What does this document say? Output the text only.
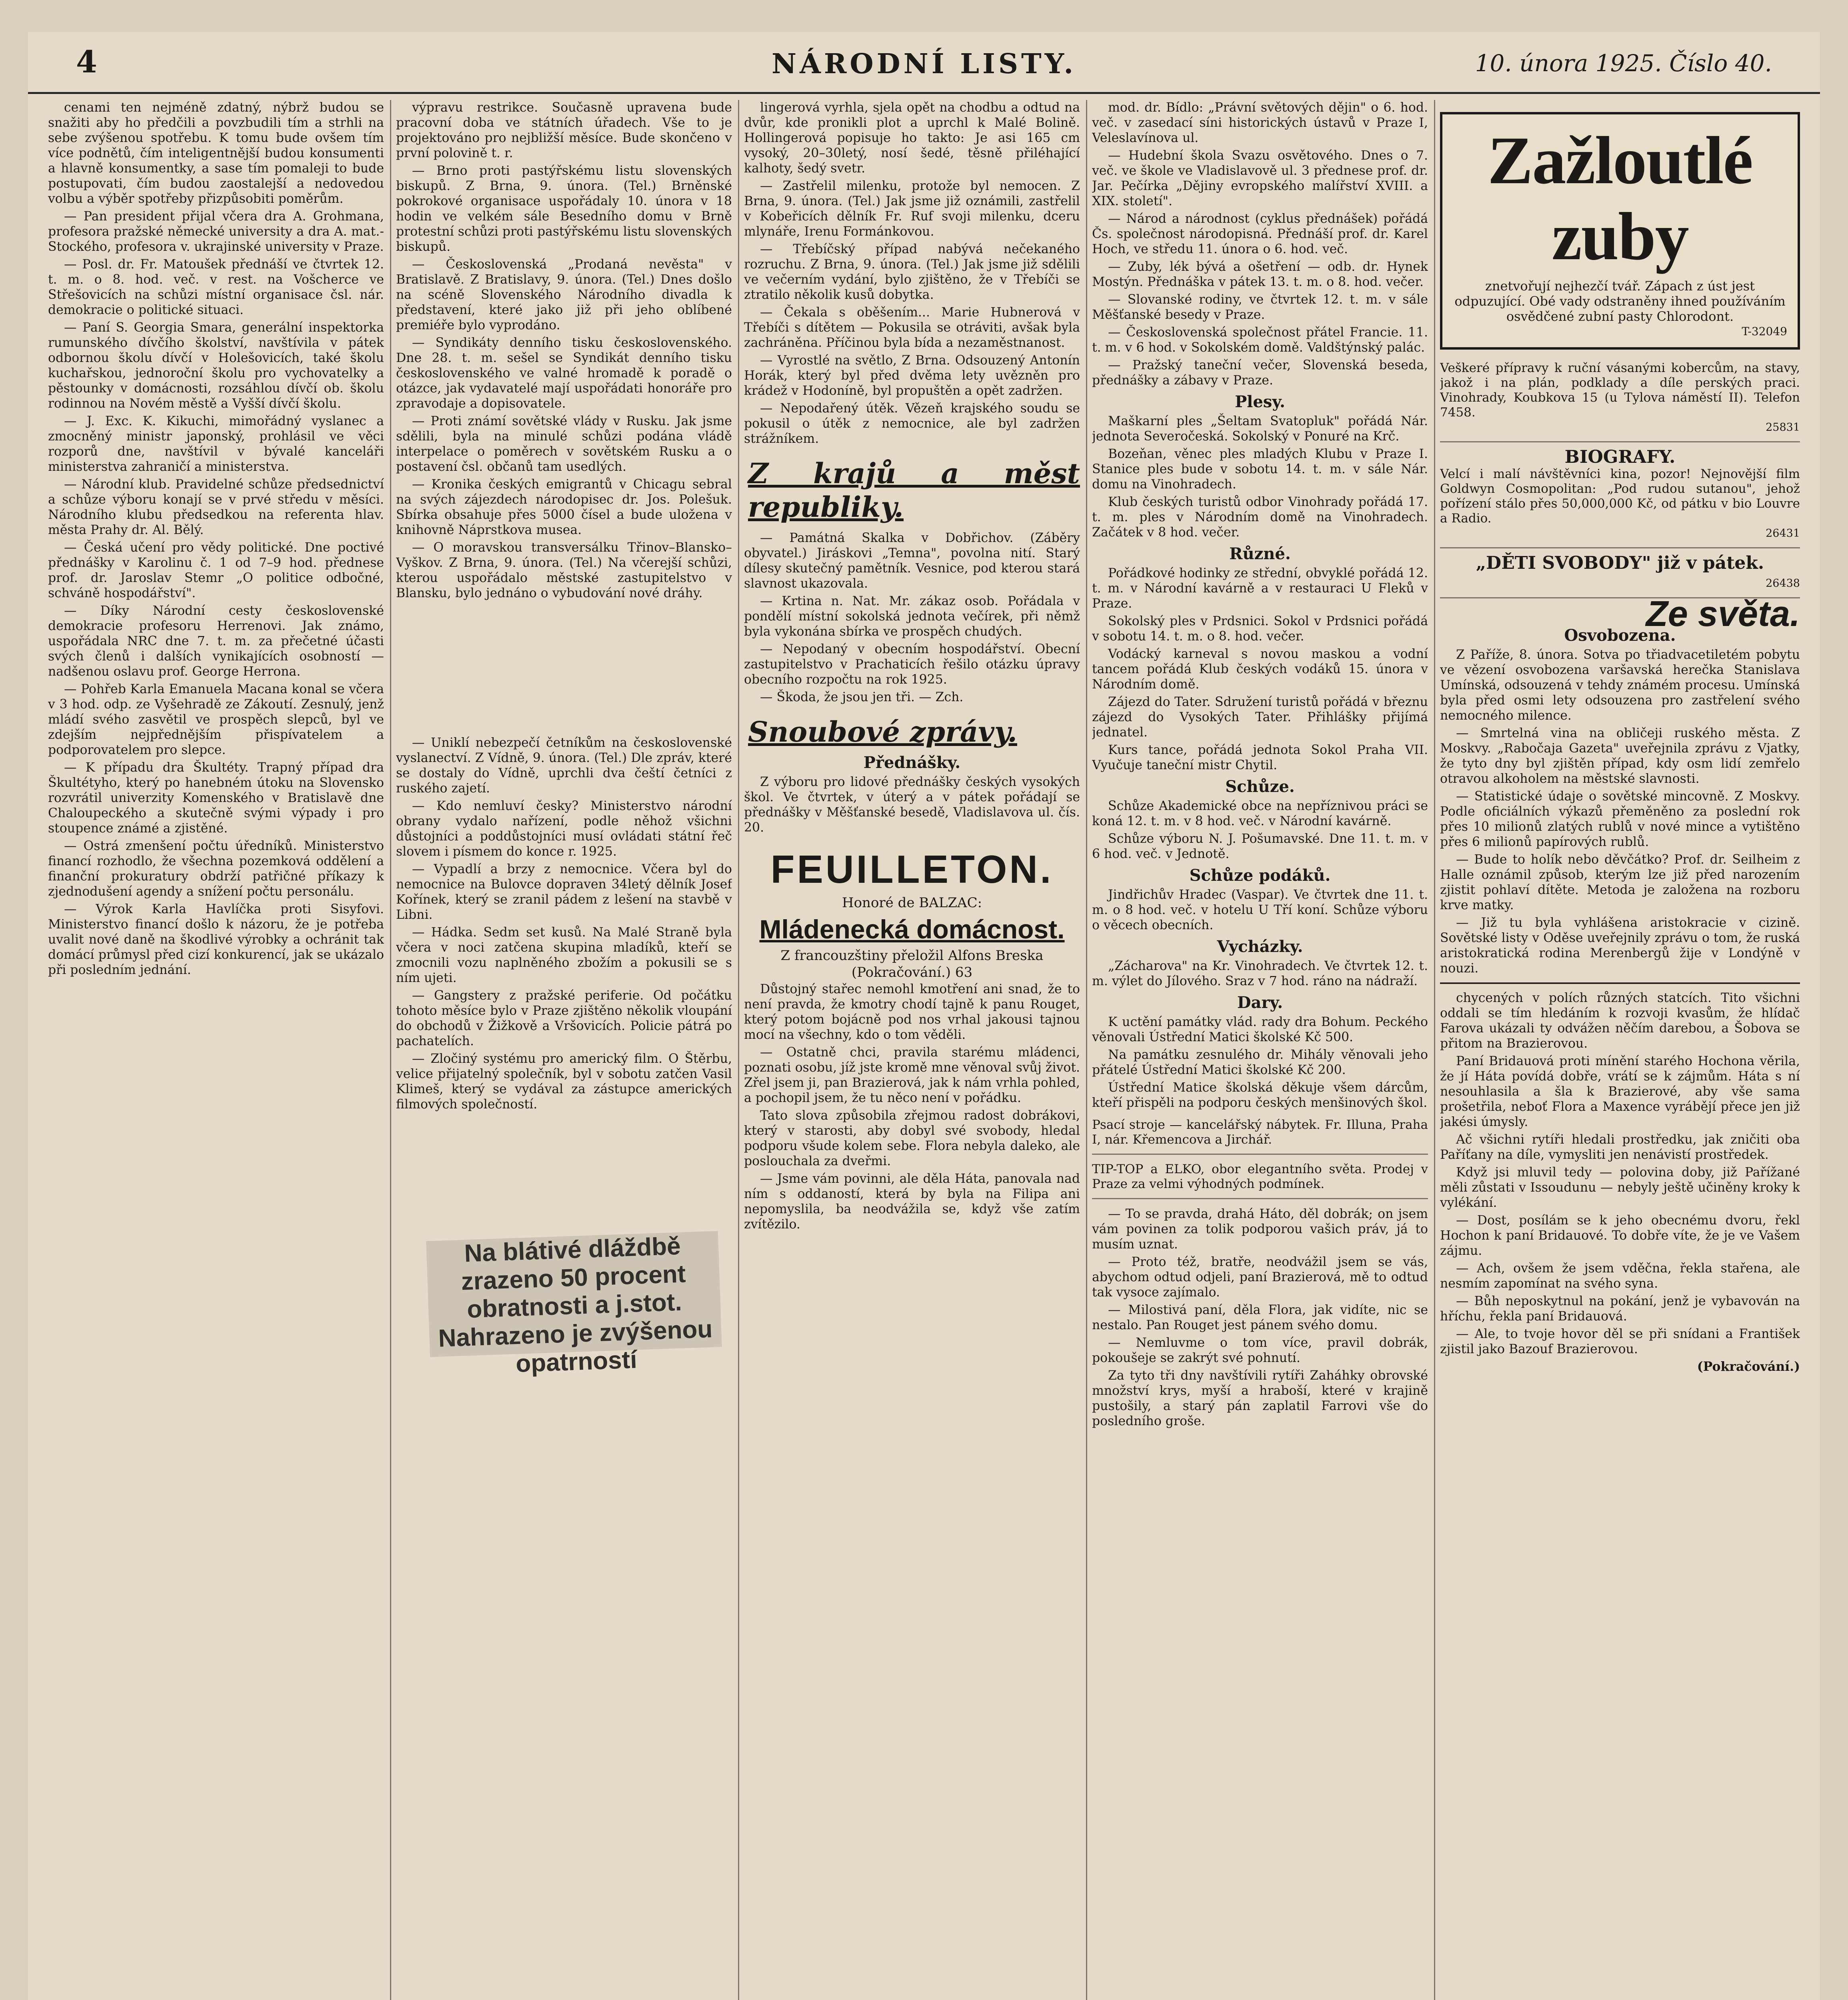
4	NÁRODNÍ LISTY.	10. února 1925. Číslo 40.

cenami ten nejméně zdatný, nýbrž budou se snažiti aby ho předčili a povzbudili tím a strhli na sebe zvýšenou spotřebu. K tomu bude ovšem tím více podnětů, čím inteligentnější budou konsumenti a hlavně konsumentky, a sase tím pomaleji to bude postupovati, čím budou zaostalejší a nedovedou volbu a výběr spotřeby přizpůsobiti poměrům.

— Pan president přijal včera dra A. Grohmana, profesora pražské německé university a dra A. mat.-Stockého, profesora v. ukrajinské university v Praze.

— Posl. dr. Fr. Matoušek přednáší ve čtvrtek 12. t. m. o 8. hod. več. v rest. na Vošcherce ve Střešovicích na schůzi místní organisace čsl. nár. demokracie o politické situaci.

— Paní S. Georgia Smara, generální inspektorka rumunského dívčího školství, navštívila v pátek odbornou školu dívčí v Holešovicích, také školu kuchařskou, jednoroční školu pro vychovatelky a pěstounky v domácnosti, rozsáhlou dívčí ob. školu rodinnou na Novém městě a Vyšší dívčí školu.

— J. Exc. K. Kikuchi, mimořádný vyslanec a zmocněný ministr japonský, prohlásil ve věci rozporů dne, navštívil v bývalé kanceláři ministerstva zahraničí a ministerstva.

— Národní klub. Pravidelné schůze předsednictví a schůze výboru konají se v prvé středu v měsíci. Národního klubu předsedkou na referenta hlav. města Prahy dr. Al. Bělý.

— Česká učení pro vědy politické. Dne poctivé přednášky v Karolinu č. 1 od 7–9 hod. přednese prof. dr. Jaroslav Stemr „O politice odbočné, schváně hospodářství".

— Díky Národní cesty československé demokracie profesoru Herrenovi. Jak známo, uspořádala NRC dne 7. t. m. za přečetné účasti svých členů i dalších vynikajících osobností — nadšenou oslavu prof. George Herrona.

— Pohřeb Karla Emanuela Macana konal se včera v 3 hod. odp. ze Vyšehradě ze Zákoutí. Zesnulý, jenž mládí svého zasvětil ve prospěch slepců, byl ve zdejším nejpřednějším přispívatelem a podporovatelem pro slepce.

— K případu dra Škultéty. Trapný případ dra Škultétyho, který po hanebném útoku na Slovensko rozvrátil univerzity Komenského v Bratislavě dne Chaloupeckého a skutečně svými výpady i pro stoupence známé a zjistěné.

— Ostrá zmenšení počtu úředníků. Ministerstvo financí rozhodlo, že všechna pozemková oddělení a finanční prokuratury obdrží patřičné příkazy k zjednodušení agendy a snížení počtu personálu.

— Výrok Karla Havlíčka proti Sisyfovi. Ministerstvo financí došlo k názoru, že je potřeba uvalit nové daně na škodlivé výrobky a ochránit tak domácí průmysl před cizí konkurencí, jak se ukázalo při posledním jednání.

výpravu restrikce. Současně upravena bude pracovní doba ve státních úřadech. Vše to je projektováno pro nejbližší měsíce. Bude skončeno v první polovině t. r.

— Brno proti pastýřskému listu slovenských biskupů. Z Brna, 9. února. (Tel.) Brněnské pokrokové organisace uspořádaly 10. února v 18 hodin ve velkém sále Besedního domu v Brně protestní schůzi proti pastýřskému listu slovenských biskupů.

— Československá „Prodaná nevěsta" v Bratislavě. Z Bratislavy, 9. února. (Tel.) Dnes došlo na scéně Slovenského Národního divadla k představení, které jako již při jeho oblíbené premiéře bylo vyprodáno.

— Syndikáty denního tisku československého. Dne 28. t. m. sešel se Syndikát denního tisku československého ve valné hromadě k poradě o otázce, jak vydavatelé mají uspořádati honoráře pro zpravodaje a dopisovatele.

— Proti známí sovětské vlády v Rusku. Jak jsme sdělili, byla na minulé schůzi podána vládě interpelace o poměrech v sovětském Rusku a o postavení čsl. občanů tam usedlých.

— Kronika českých emigrantů v Chicagu sebral na svých zájezdech národopisec dr. Jos. Polešuk. Sbírka obsahuje přes 5000 čísel a bude uložena v knihovně Náprstkova musea.

— O moravskou transversálku Třinov–Blansko–Vyškov. Z Brna, 9. února. (Tel.) Na včerejší schůzi, kterou uspořádalo městské zastupitelstvo v Blansku, bylo jednáno o vybudování nové dráhy.

— Uniklí nebezpečí četníkům na československé vyslanectví. Z Vídně, 9. února. (Tel.) Dle zpráv, které se dostaly do Vídně, uprchli dva čeští četníci z ruského zajetí.

— Kdo nemluví česky? Ministerstvo národní obrany vydalo nařízení, podle něhož všichni důstojníci a poddůstojníci musí ovládati státní řeč slovem i písmem do konce r. 1925.

— Vypadlí a brzy z nemocnice. Včera byl do nemocnice na Bulovce dopraven 34letý dělník Josef Kořínek, který se zranil pádem z lešení na stavbě v Libni.

— Hádka. Sedm set kusů. Na Malé Straně byla včera v noci zatčena skupina mladíků, kteří se zmocnili vozu naplněného zbožím a pokusili se s ním ujeti.

— Gangstery z pražské periferie. Od počátku tohoto měsíce bylo v Praze zjištěno několik vloupání do obchodů v Žižkově a Vršovicích. Policie pátrá po pachatelích.

— Zločiný systému pro americký film. O Štěrbu, velice přijatelný společník, byl v sobotu zatčen Vasil Klimeš, který se vydával za zástupce amerických filmových společností.

Na blátivé dláždbě zrazeno 50 procent obratnosti a j.stot. Nahrazeno je zvýšenou opatrností

lingerová vyrhla, sjela opět na chodbu a odtud na dvůr, kde pronikli plot a uprchl k Malé Bolině. Hollingerová popisuje ho takto: Je asi 165 cm vysoký, 20–30letý, nosí šedé, těsně přiléhající kalhoty, šedý svetr.

— Zastřelil milenku, protože byl nemocen. Z Brna, 9. února. (Tel.) Jak jsme již oznámili, zastřelil v Kobeřicích dělník Fr. Ruf svoji milenku, dceru mlynáře, Irenu Formánkovou.

— Třebíčský případ nabývá nečekaného rozruchu. Z Brna, 9. února. (Tel.) Jak jsme již sdělili ve večerním vydání, bylo zjištěno, že v Třebíči se ztratilo několik kusů dobytka.

— Čekala s oběšením... Marie Hubnerová v Třebíči s dítětem — Pokusila se otráviti, avšak byla zachráněna. Příčinou byla bída a nezaměstnanost.

— Vyrostlé na světlo, Z Brna. Odsouzený Antonín Horák, který byl před dvěma lety uvězněn pro krádež v Hodoníně, byl propuštěn a opět zadržen.

— Nepodařený útěk. Vězeň krajského soudu se pokusil o útěk z nemocnice, ale byl zadržen strážníkem.

Z krajů a měst republiky.

— Památná Skalka v Dobřichov. (Záběry obyvatel.) Jiráskovi „Temna", povolna nití. Starý dílesy skutečný pamětník. Vesnice, pod kterou stará slavnost ukazovala.

— Krtina n. Nat. Mr. zákaz osob. Pořádala v pondělí místní sokolská jednota večírek, při němž byla vykonána sbírka ve prospěch chudých.

— Nepodaný v obecním hospodářství. Obecní zastupitelstvo v Prachaticích řešilo otázku úpravy obecního rozpočtu na rok 1925.

— Škoda, že jsou jen tři. — Zch.

Snoubové zprávy.
Přednášky.

Z výboru pro lidové přednášky českých vysokých škol. Ve čtvrtek, v úterý a v pátek pořádají se přednášky v Měšťanské besedě, Vladislavova ul. čís. 20.

FEUILLETON.
Honoré de BALZAC:
Mládenecká domácnost.
Z francouzštiny přeložil Alfons Breska
(Pokračování.) 63

Důstojný stařec nemohl kmotření ani snad, že to není pravda, že kmotry chodí tajně k panu Rouget, který potom bojácně pod nos vrhal jakousi tajnou mocí na všechny, kdo o tom věděli.

— Ostatně chci, pravila starému mládenci, poznati osobu, jíž jste kromě mne věnoval svůj život. Zřel jsem ji, pan Brazierová, jak k nám vrhla pohled, a pochopil jsem, že tu něco není v pořádku.

Tato slova způsobila zřejmou radost dobrákovi, který v starosti, aby dobyl své svobody, hledal podporu všude kolem sebe. Flora nebyla daleko, ale poslouchala za dveřmi.

— Jsme vám povinni, ale děla Háta, panovala nad ním s oddaností, která by byla na Filipa ani nepomyslila, ba neodvážila se, když vše zatím zvítězilo.

mod. dr. Bídlo: „Právní světových dějin" o 6. hod. več. v zasedací síni historických ústavů v Praze I, Veleslavínova ul.

— Hudební škola Svazu osvětového. Dnes o 7. več. ve škole ve Vladislavově ul. 3 přednese prof. dr. Jar. Pečírka „Dějiny evropského malířství XVIII. a XIX. století".

— Národ a národnost (cyklus přednášek) pořádá Čs. společnost národopisná. Přednáší prof. dr. Karel Hoch, ve středu 11. února o 6. hod. več.

— Zuby, lék bývá a ošetření — odb. dr. Hynek Mostýn. Přednáška v pátek 13. t. m. o 8. hod. večer.

— Slovanské rodiny, ve čtvrtek 12. t. m. v sále Měšťanské besedy v Praze.

— Československá společnost přátel Francie. 11. t. m. v 6 hod. v Sokolském domě. Valdštýnský palác.

— Pražský taneční večer, Slovenská beseda, přednášky a zábavy v Praze.

Plesy.

Maškarní ples „Šeltam Svatopluk" pořádá Nár. jednota Severočeská. Sokolský v Ponuré na Krč.

Bozeňan, věnec ples mladých Klubu v Praze I. Stanice ples bude v sobotu 14. t. m. v sále Nár. domu na Vinohradech.

Klub českých turistů odbor Vinohrady pořádá 17. t. m. ples v Národním domě na Vinohradech. Začátek v 8 hod. večer.

Různé.

Pořádkové hodinky ze střední, obvyklé pořádá 12. t. m. v Národní kavárně a v restauraci U Fleků v Praze.

Sokolský ples v Prdsnici. Sokol v Prdsnici pořádá v sobotu 14. t. m. o 8. hod. večer.

Vodácký karneval s novou maskou a vodní tancem pořádá Klub českých vodáků 15. února v Národním domě.

Zájezd do Tater. Sdružení turistů pořádá v březnu zájezd do Vysokých Tater. Přihlášky přijímá jednatel.

Kurs tance, pořádá jednota Sokol Praha VII. Vyučuje taneční mistr Chytil.

Schůze.

Schůze Akademické obce na nepříznivou práci se koná 12. t. m. v 8 hod. več. v Národní kavárně.

Schůze výboru N. J. Pošumavské. Dne 11. t. m. v 6 hod. več. v Jednotě.

Schůze podáků.

Jindřichův Hradec (Vaspar). Ve čtvrtek dne 11. t. m. o 8 hod. več. v hotelu U Tří koní. Schůze výboru o věcech obecních.

Vycházky.

„Zácharova" na Kr. Vinohradech. Ve čtvrtek 12. t. m. výlet do Jílového. Sraz v 7 hod. ráno na nádraží.

Dary.

K uctění památky vlád. rady dra Bohum. Peckého věnovali Ústřední Matici školské Kč 500.

Na památku zesnulého dr. Mihály věnovali jeho přátelé Ústřední Matici školské Kč 200.

Ústřední Matice školská děkuje všem dárcům, kteří přispěli na podporu českých menšinových škol.

Psací stroje — kancelářský nábytek. Fr. Illuna, Praha I, nár. Křemencova a Jirchář.
TIP-TOP a ELKO, obor elegantního světa. Prodej v Praze za velmi výhodných podmínek.

— To se pravda, drahá Háto, děl dobrák; on jsem vám povinen za tolik podporou vašich práv, já to musím uznat.

— Proto též, bratře, neodvážil jsem se vás, abychom odtud odjeli, paní Brazierová, mě to odtud tak vysoce zajímalo.

— Milostivá paní, děla Flora, jak vidíte, nic se nestalo. Pan Rouget jest pánem svého domu.

— Nemluvme o tom více, pravil dobrák, pokoušeje se zakrýt své pohnutí.

Za tyto tři dny navštívili rytíři Zaháhky obrovské množství krys, myší a hraboší, které v krajině pustošily, a starý pán zaplatil Farrovi vše do posledního groše.

Zažloutlé zuby
znetvořují nejhezčí tvář. Zápach z úst jest odpuzující. Obé vady odstraněny ihned používáním osvědčené zubní pasty Chlorodont.
T-32049
Veškeré přípravy k ruční vásanými kobercům, na stavy, jakož i na plán, podklady a díle perských praci. Vinohrady, Koubkova 15 (u Tylova náměstí II). Telefon 7458.
25831
BIOGRAFY.
Velcí i malí návštěvníci kina, pozor! Nejnovější film Goldwyn Cosmopolitan: „Pod rudou sutanou", jehož pořízení stálo přes 50,000,000 Kč, od pátku v bio Louvre a Radio.
26431
„DĚTI SVOBODY" již v pátek.
26438
Ze světa.
Osvobozena.

Z Paříže, 8. února. Sotva po třiadvacetiletém pobytu ve vězení osvobozena varšavská herečka Stanislava Umínská, odsouzená v tehdy známém procesu. Umínská byla před osmi lety odsouzena pro zastřelení svého nemocného milence.

— Smrtelná vina na obličeji ruského města. Z Moskvy. „Rabočaja Gazeta" uveřejnila zprávu z Vjatky, že tyto dny byl zjištěn případ, kdy osm lidí zemřelo otravou alkoholem na městské slavnosti.

— Statistické údaje o sovětské mincovně. Z Moskvy. Podle oficiálních výkazů přeměněno za poslední rok přes 10 milionů zlatých rublů v nové mince a vytištěno přes 6 milionů papírových rublů.

— Bude to holík nebo děvčátko? Prof. dr. Seilheim z Halle oznámil způsob, kterým lze již před narozením zjistit pohlaví dítěte. Metoda je založena na rozboru krve matky.

— Již tu byla vyhlášena aristokracie v cizině. Sovětské listy v Oděse uveřejnily zprávu o tom, že ruská aristokratická rodina Merenbergů žije v Londýně v nouzi.

chycených v polích různých statcích. Tito všichni oddali se tím hledáním k rozvoji kvasům, že hlídač Farova ukázali ty odvážen něčím darebou, a Šobova se přitom na Brazierovou.

Paní Bridauová proti mínění starého Hochona věrila, že jí Háta povídá dobře, vrátí se k zájmům. Háta s ní nesouhlasila a šla k Brazierové, aby vše sama prošetřila, neboť Flora a Maxence vyrábějí přece jen již jakési úmysly.

Ač všichni rytíři hledali prostředku, jak zničiti oba Paříťany na díle, vymysliti jen nenávistí prostředek.

Když jsi mluvil tedy — polovina doby, již Pařížané měli zůstati v Issoudunu — nebyly ještě učiněny kroky k vylékání.

— Dost, posílám se k jeho obecnému dvoru, řekl Hochon k paní Bridauové. To dobře víte, že je ve Vašem zájmu.

— Ach, ovšem že jsem vděčna, řekla stařena, ale nesmím zapomínat na svého syna.

— Bůh neposkytnul na pokání, jenž je vybavován na hříchu, řekla paní Bridauová.

— Ale, to tvoje hovor děl se při snídani a František zjistil jako Bazouf Brazierovou.

(Pokračování.)
